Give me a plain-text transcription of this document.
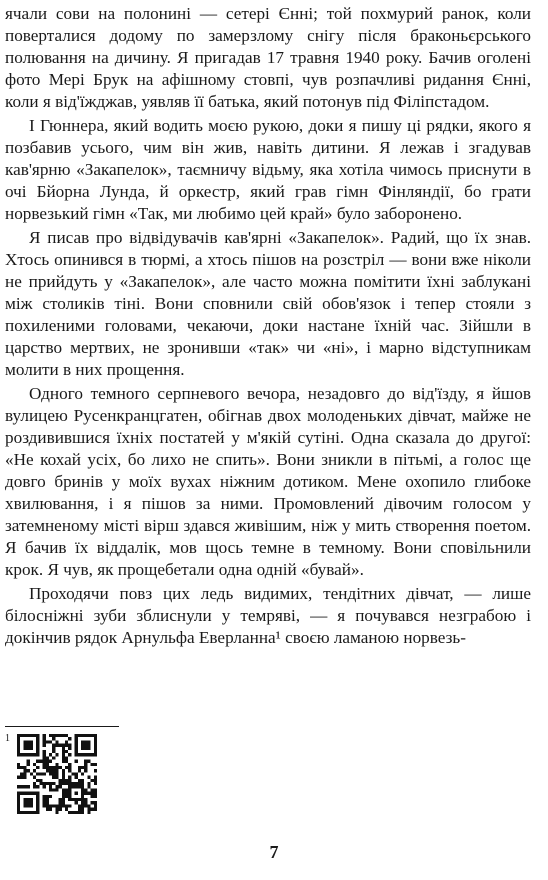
ячали сови на полонині — сетері Єнні; той похмурий ранок, коли поверталися додому по замерзлому снігу після браконьєрського полювання на дичину. Я пригадав 17 травня 1940 року. Бачив оголені фото Мері Брук на афішному стовпі, чув розпачливі ридання Єнні, коли я від'їжджав, уявляв її батька, який потонув під Філіпстадом.

І Гюннера, який водить моєю рукою, доки я пишу ці рядки, якого я позбавив усього, чим він жив, навіть дитини. Я лежав і згадував кав'ярню «Закапелок», таємничу відьму, яка хотіла чимось приснути в очі Бйорна Лунда, й оркестр, який грав гімн Фінляндії, бо грати норвезький гімн «Так, ми любимо цей край» було заборонено.

Я писав про відвідувачів кав'ярні «Закапелок». Радий, що їх знав. Хтось опинився в тюрмі, а хтось пішов на розстріл — вони вже ніколи не прийдуть у «Закапелок», але часто можна помітити їхні заблукані між столиків тіні. Вони сповнили свій обов'язок і тепер стояли з похиленими головами, чекаючи, доки настане їхній час. Зійшли в царство мертвих, не зронивши «так» чи «ні», і марно відступникам молити в них прощення.

Одного темного серпневого вечора, незадовго до від'їзду, я йшов вулицею Русенкранцгатен, обігнав двох молоденьких дівчат, майже не роздивившися їхніх постатей у м'якій сутіні. Одна сказала до другої: «Не кохай усіх, бо лихо не спить». Вони зникли в пітьмі, а голос ще довго бринів у моїх вухах ніжним дотиком. Мене охопило глибоке хвилювання, і я пішов за ними. Промовлений дівочим голосом у затемненому місті вірш здався живішим, ніж у мить створення поетом. Я бачив їх віддалік, мов щось темне в темному. Вони сповільнили крок. Я чув, як прощебетали одна одній «бувай».

Проходячи повз цих ледь видимих, тендітних дівчат, — лише білосніжні зуби зблиснули у темряві, — я почувався незграбою і докінчив рядок Арнульфа Еверланна¹ своєю ламаною норвезь-

1
7
